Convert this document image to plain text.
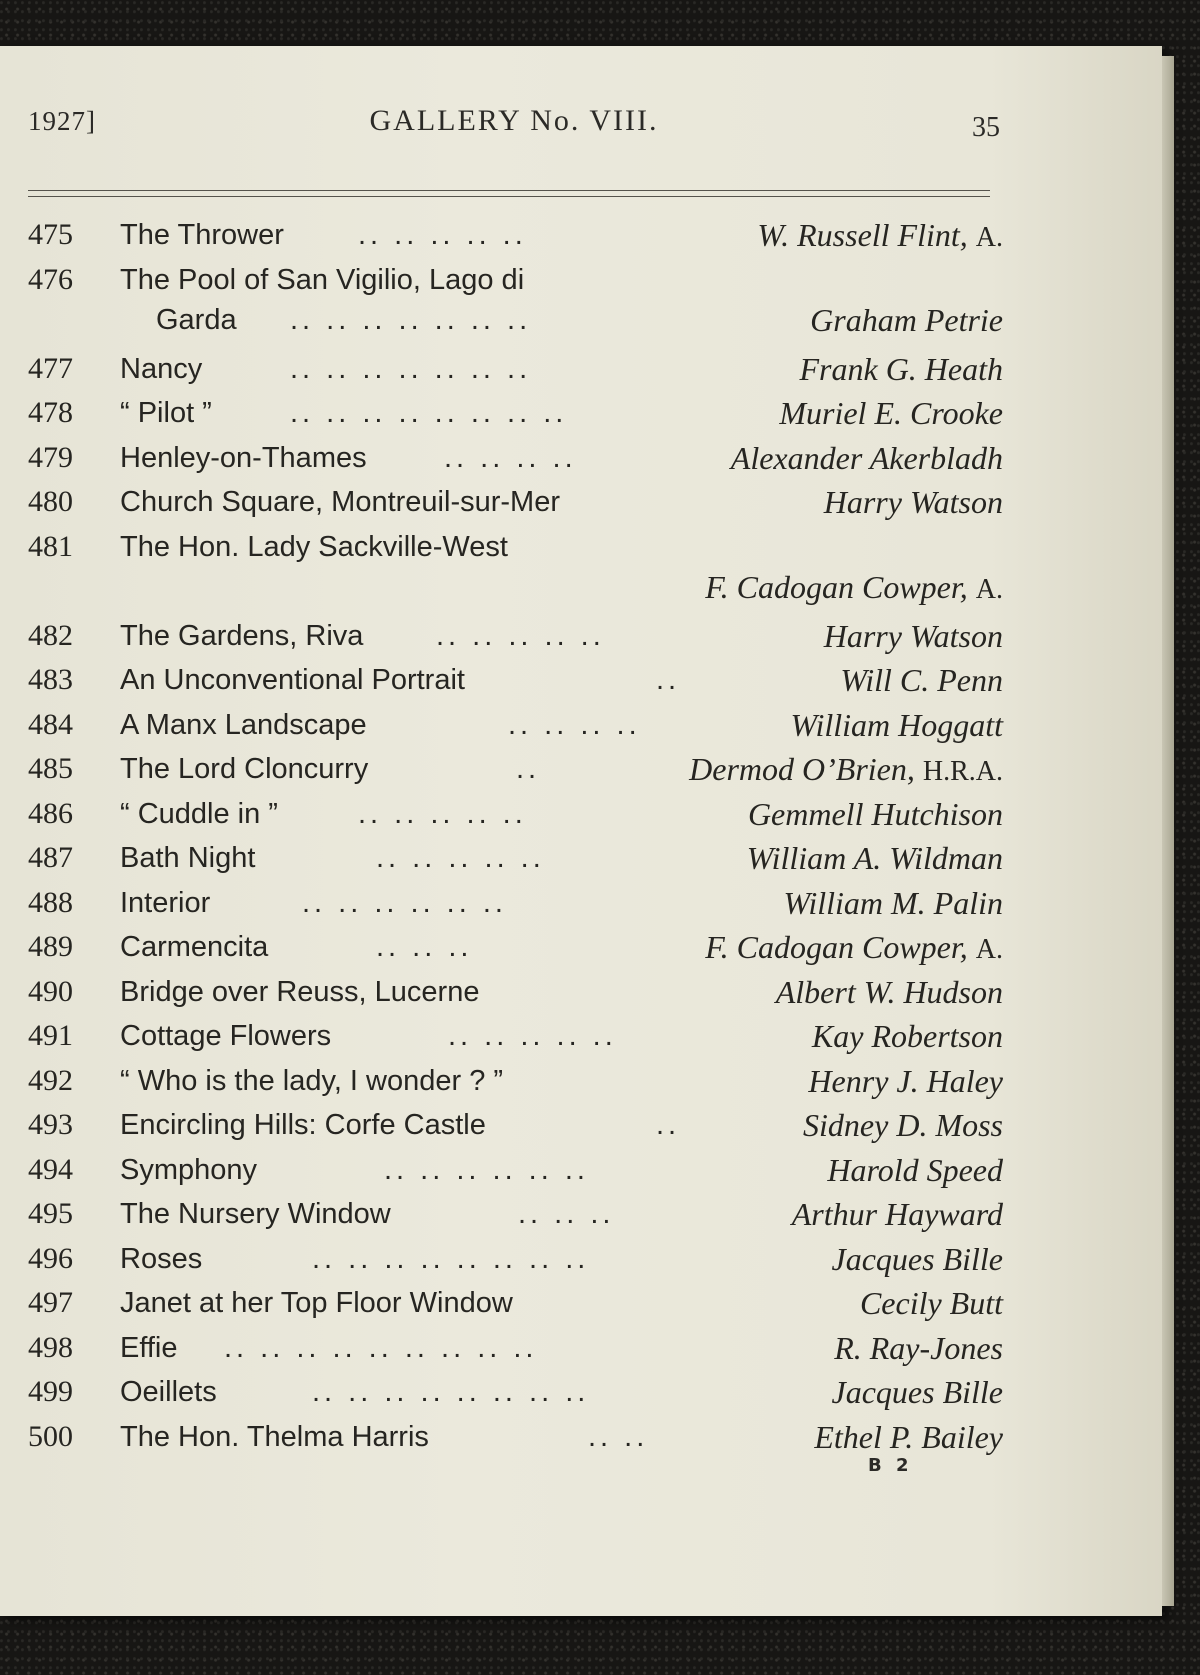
1927]	GALLERY No. VIII.	35
475 The Thrower	.. .. .. .. ..	W. Russell Flint, A.
476 The Pool of San Vigilio, Lago di
Garda .. .. .. .. .. .. ..	Graham Petrie
477 Nancy	.. .. .. .. .. .. ..	Frank G. Heath
478 “ Pilot ”	.. .. .. .. .. .. .. ..	Muriel E. Crooke
479 Henley-on-Thames	.. .. .. ..	Alexander Akerbladh
480 Church Square, Montreuil-sur-Mer	Harry Watson
481 The Hon. Lady Sackville-West
F. Cadogan Cowper, A.
482 The Gardens, Riva	.. .. .. .. ..	Harry Watson
483 An Unconventional Portrait	..	Will C. Penn
484 A Manx Landscape	.. .. .. ..	William Hoggatt
485 The Lord Cloncurry	..	Dermod O’Brien, H.R.A.
486 “ Cuddle in ”	.. .. .. .. ..	Gemmell Hutchison
487 Bath Night	.. .. .. .. ..	William A. Wildman
488 Interior	.. .. .. .. .. ..	William M. Palin
489 Carmencita	.. .. ..	F. Cadogan Cowper, A.
490 Bridge over Reuss, Lucerne	Albert W. Hudson
491 Cottage Flowers	.. .. .. .. ..	Kay Robertson
492 “ Who is the lady, I wonder ? ”	Henry J. Haley
493 Encircling Hills: Corfe Castle	..	Sidney D. Moss
494 Symphony	.. .. .. .. .. ..	Harold Speed
495 The Nursery Window	.. .. ..	Arthur Hayward
496 Roses	.. .. .. .. .. .. .. ..	Jacques Bille
497 Janet at her Top Floor Window	Cecily Butt
498 Effie .. .. .. .. .. .. .. .. ..	R. Ray-Jones
499 Oeillets	.. .. .. .. .. .. .. ..	Jacques Bille
500 The Hon. Thelma Harris	.. ..	Ethel P. Bailey
B 2
